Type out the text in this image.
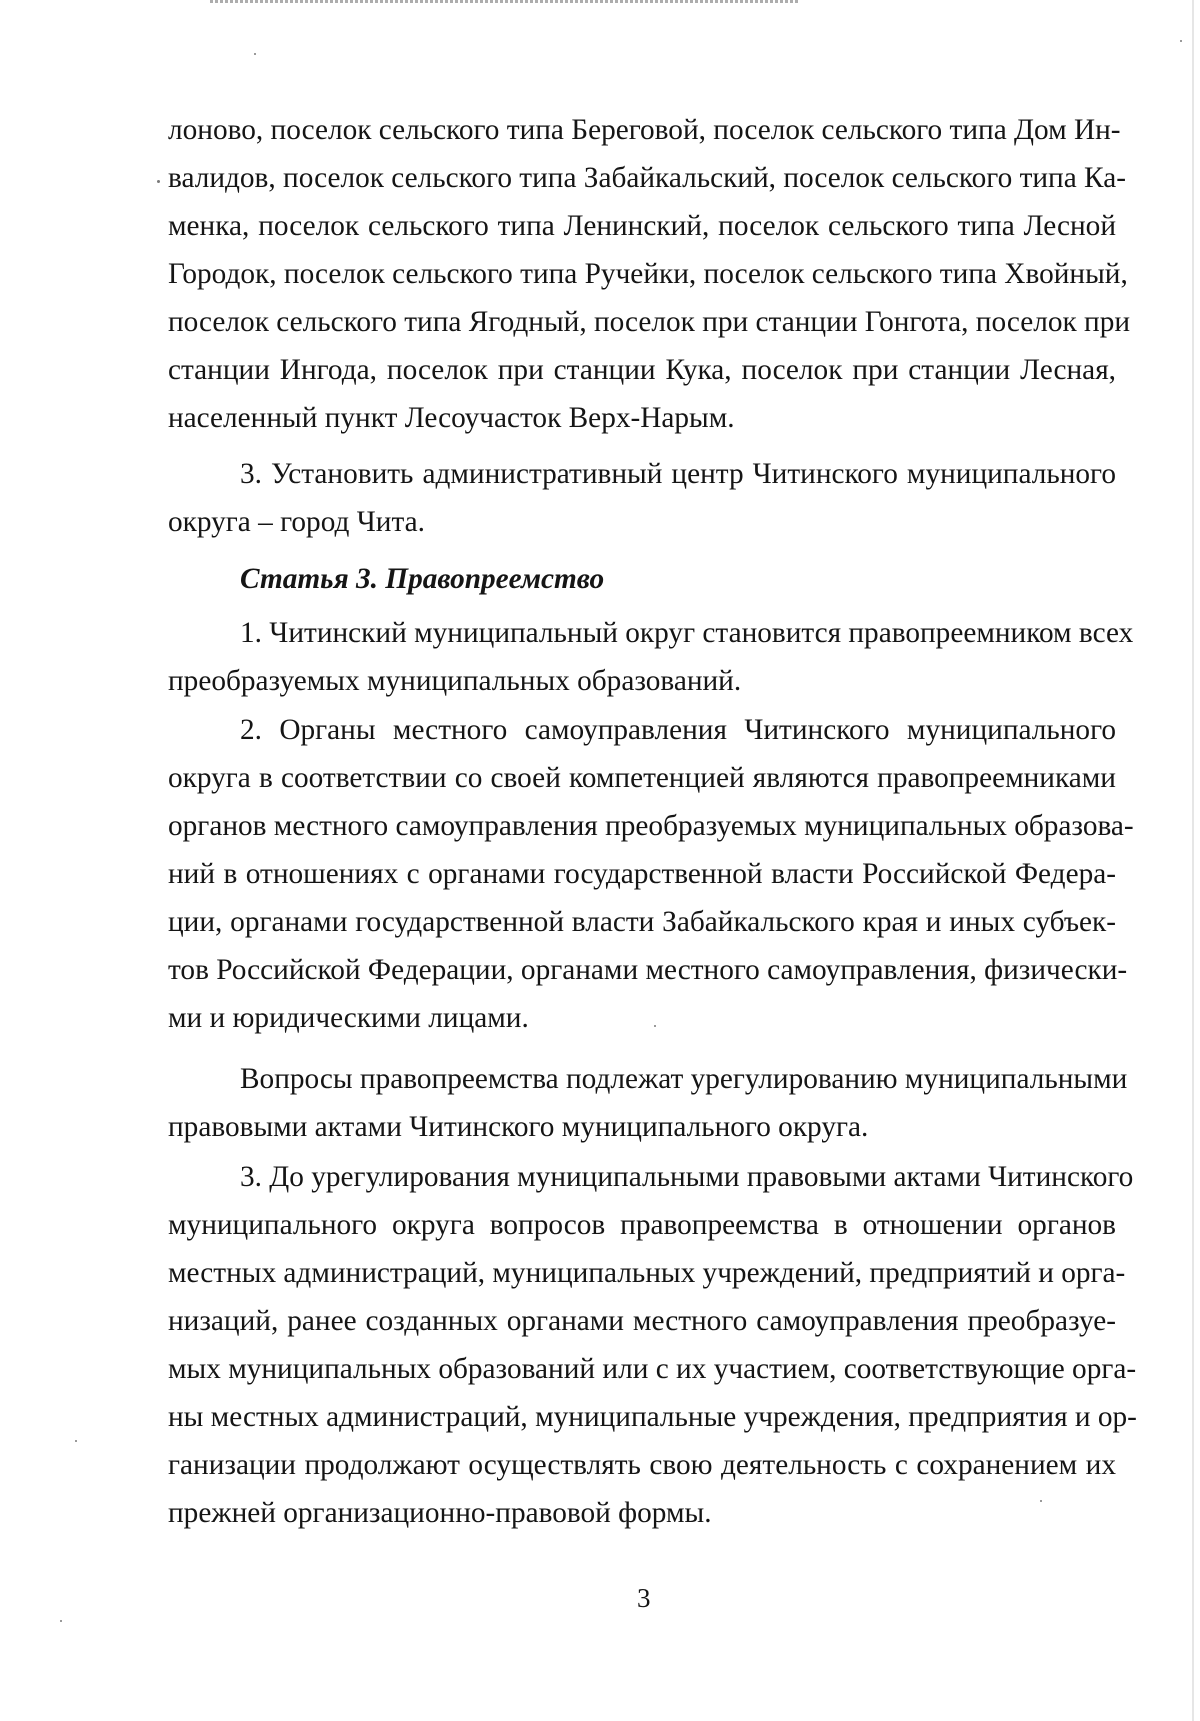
лоново, поселок сельского типа Береговой, поселок сельского типа Дом Ин-
валидов, поселок сельского типа Забайкальский, поселок сельского типа Ка-
менка, поселок сельского типа Ленинский, поселок сельского типа Лесной
Городок, поселок сельского типа Ручейки, поселок сельского типа Хвойный,
поселок сельского типа Ягодный, поселок при станции Гонгота, поселок при
станции Ингода, поселок при станции Кука, поселок при станции Лесная,
населенный пункт Лесоучасток Верх-Нарым.
3. Установить административный центр Читинского муниципального
округа – город Чита.
Статья 3. Правопреемство
1. Читинский муниципальный округ становится правопреемником всех
преобразуемых муниципальных образований.
2. Органы местного самоуправления Читинского муниципального
округа в соответствии со своей компетенцией являются правопреемниками
органов местного самоуправления преобразуемых муниципальных образова-
ний в отношениях с органами государственной власти Российской Федера-
ции, органами государственной власти Забайкальского края и иных субъек-
тов Российской Федерации, органами местного самоуправления, физически-
ми и юридическими лицами.
Вопросы правопреемства подлежат урегулированию муниципальными
правовыми актами Читинского муниципального округа.
3. До урегулирования муниципальными правовыми актами Читинского
муниципального округа вопросов правопреемства в отношении органов
местных администраций, муниципальных учреждений, предприятий и орга-
низаций, ранее созданных органами местного самоуправления преобразуе-
мых муниципальных образований или с их участием, соответствующие орга-
ны местных администраций, муниципальные учреждения, предприятия и ор-
ганизации продолжают осуществлять свою деятельность с сохранением их
прежней организационно-правовой формы.
3
